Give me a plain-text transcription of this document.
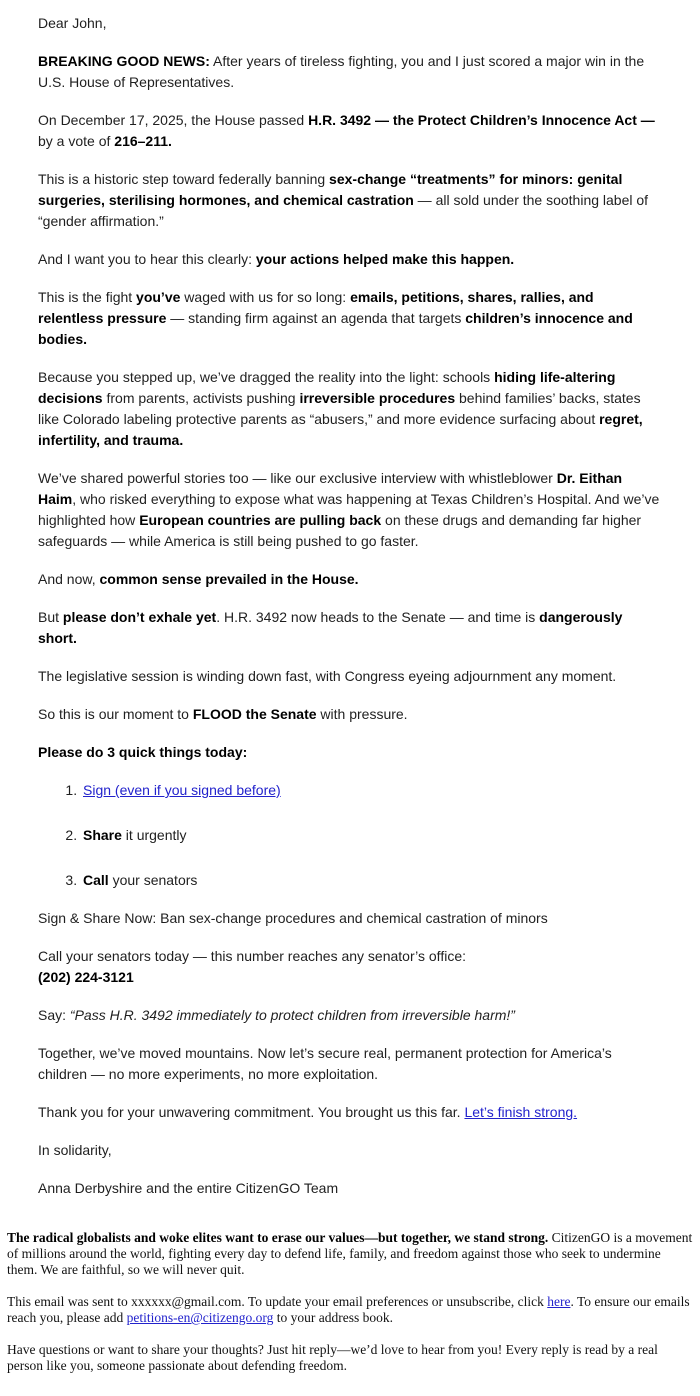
Dear John,

BREAKING GOOD NEWS: After years of tireless fighting, you and I just scored a major win in the U.S. House of Representatives.

On December 17, 2025, the House passed H.R. 3492 — the Protect Children’s Innocence Act — by a vote of 216–211.

This is a historic step toward federally banning sex-change “treatments” for minors: genital surgeries, sterilising hormones, and chemical castration — all sold under the soothing label of “gender affirmation.”

And I want you to hear this clearly: your actions helped make this happen.

This is the fight you’ve waged with us for so long: emails, petitions, shares, rallies, and relentless pressure — standing firm against an agenda that targets children’s innocence and bodies.

Because you stepped up, we’ve dragged the reality into the light: schools hiding life-altering decisions from parents, activists pushing irreversible procedures behind families’ backs, states like Colorado labeling protective parents as “abusers,” and more evidence surfacing about regret, infertility, and trauma.

We’ve shared powerful stories too — like our exclusive interview with whistleblower Dr. Eithan Haim, who risked everything to expose what was happening at Texas Children’s Hospital. And we’ve highlighted how European countries are pulling back on these drugs and demanding far higher safeguards — while America is still being pushed to go faster.

And now, common sense prevailed in the House.

But please don’t exhale yet. H.R. 3492 now heads to the Senate — and time is dangerously short.

The legislative session is winding down fast, with Congress eyeing adjournment any moment.

So this is our moment to FLOOD the Senate with pressure.

Please do 3 quick things today:

1. Sign (even if you signed before)
2. Share it urgently
3. Call your senators

Sign & Share Now: Ban sex-change procedures and chemical castration of minors

Call your senators today — this number reaches any senator’s office:
(202) 224-3121

Say: “Pass H.R. 3492 immediately to protect children from irreversible harm!”

Together, we’ve moved mountains. Now let’s secure real, permanent protection for America’s children — no more experiments, no more exploitation.

Thank you for your unwavering commitment. You brought us this far. Let’s finish strong.

In solidarity,

Anna Derbyshire and the entire CitizenGO Team

The radical globalists and woke elites want to erase our values—but together, we stand strong. CitizenGO is a movement of millions around the world, fighting every day to defend life, family, and freedom against those who seek to undermine them. We are faithful, so we will never quit.

This email was sent to xxxxxx@gmail.com. To update your email preferences or unsubscribe, click here. To ensure our emails reach you, please add petitions-en@citizengo.org to your address book.

Have questions or want to share your thoughts? Just hit reply—we’d love to hear from you! Every reply is read by a real person like you, someone passionate about defending freedom.
